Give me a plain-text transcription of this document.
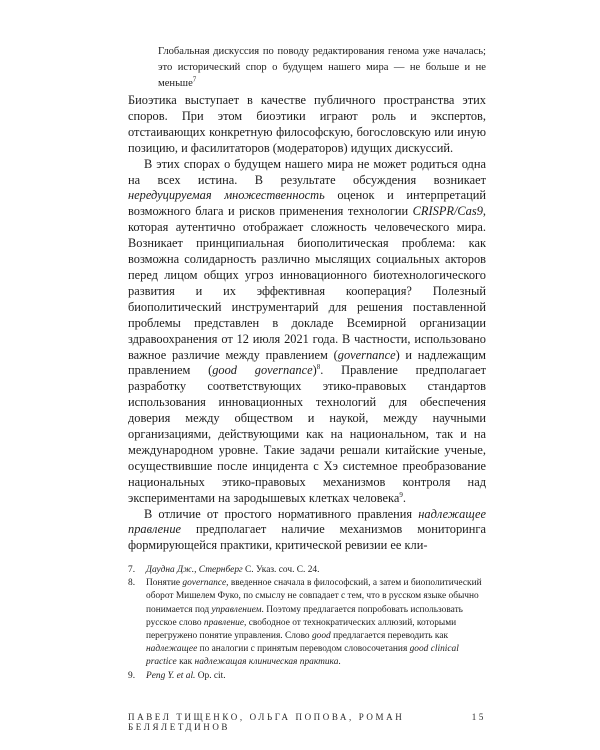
Глобальная дискуссия по поводу редактирования генома уже началась; это исторический спор о будущем нашего мира — не больше и не меньше$^7$

Биоэтика выступает в качестве публичного пространства этих споров. При этом биоэтики играют роль и экспертов, отстаивающих конкретную философскую, богословскую или иную позицию, и фасилитаторов (модераторов) идущих дискуссий.

В этих спорах о будущем нашего мира не может родиться одна на всех истина. В результате обсуждения возникает нередуцируемая множественность оценок и интерпретаций возможного блага и рисков применения технологии CRISPR/Cas9, которая аутентично отображает сложность человеческого мира. Возникает принципиальная биополитическая проблема: как возможна солидарность различно мыслящих социальных акторов перед лицом общих угроз инновационного биотехнологического развития и их эффективная кооперация? Полезный биополитический инструментарий для решения поставленной проблемы представлен в докладе Всемирной организации здравоохранения от 12 июля 2021 года. В частности, использовано важное различие между правлением (governance) и надлежащим правлением (good governance)$^8$. Правление предполагает разработку соответствующих этико-правовых стандартов использования инновационных технологий для обеспечения доверия между обществом и наукой, между научными организациями, действующими как на национальном, так и на международном уровне. Такие задачи решали китайские ученые, осуществившие после инцидента с Хэ системное преобразование национальных этико-правовых механизмов контроля над экспериментами на зародышевых клетках человека$^9$.

В отличие от простого нормативного правления надлежащее правление предполагает наличие механизмов мониторинга формирующейся практики, критической ревизии ее кли-

7.	Даудна Дж., Стернберг С. Указ. соч. С. 24.
8.	Понятие governance, введенное сначала в философский, а затем и биополитический оборот Мишелем Фуко, по смыслу не совпадает с тем, что в русском языке обычно понимается под управлением. Поэтому предлагается попробовать использовать русское слово правление, свободное от технократических аллюзий, которыми перегружено понятие управления. Слово good предлагается переводить как надлежащее по аналогии с принятым переводом словосочетания good clinical practice как надлежащая клиническая практика.
9.	Peng Y. et al. Op. cit.
ПАВЕЛ ТИЩЕНКО, ОЛЬГА ПОПОВА, РОМАН БЕЛЯЛЕТДИНОВ
15
